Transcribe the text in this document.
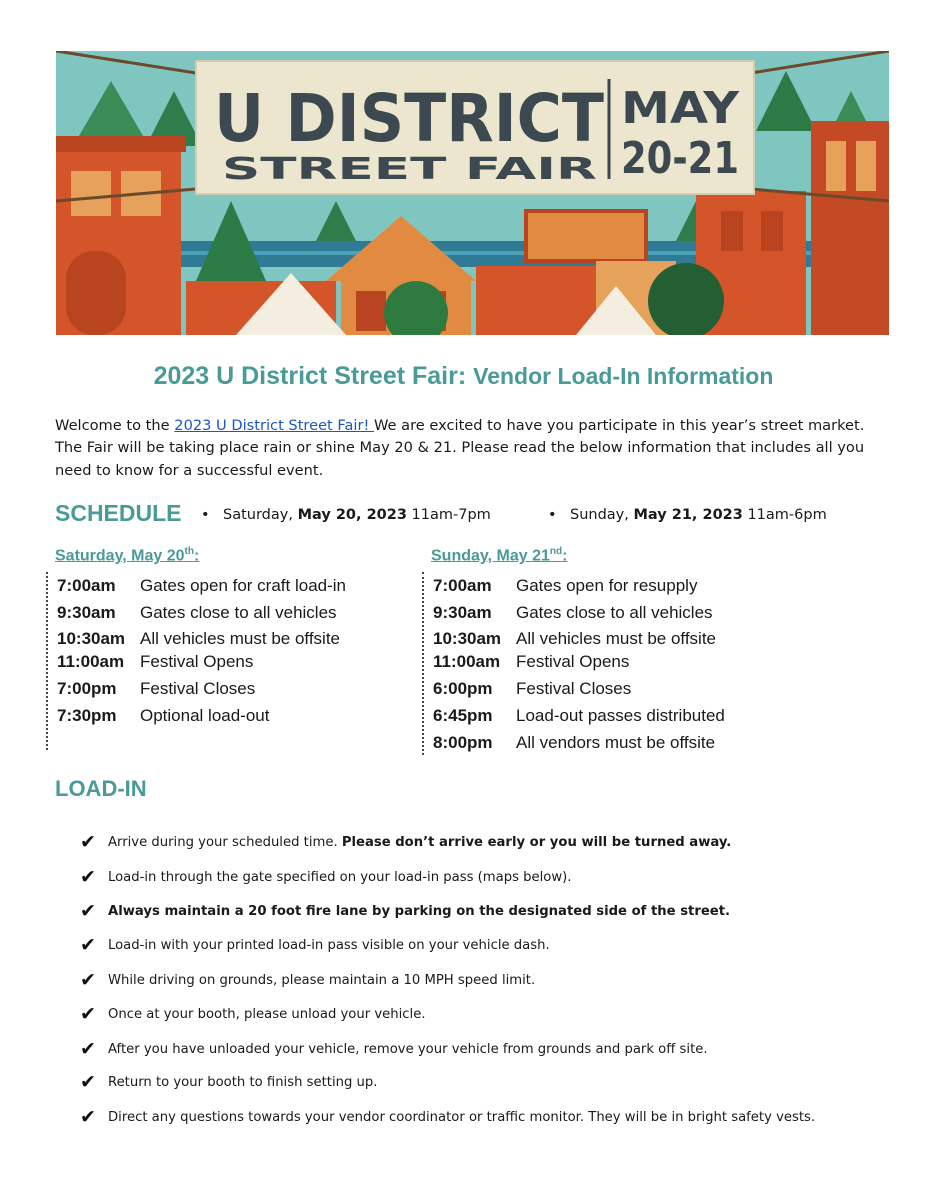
U DISTRICT
STREET FAIR
MAY
20-21
2023 U District Street Fair: Vendor Load-In Information
Welcome to the 2023 U District Street Fair! We are excited to have you participate in this year’s street market. The Fair will be taking place rain or shine May 20 & 21. Please read the below information that includes all you need to know for a successful event.
SCHEDULE • Saturday, May 20, 2023 11am-7pm	• Sunday, May 21, 2023 11am-6pm
Saturday, May 20th:
7:00am Gates open for craft load-in
9:30am Gates close to all vehicles
10:30am All vehicles must be offsite
11:00am Festival Opens
7:00pm Festival Closes
7:30pm Optional load-out
Sunday, May 21nd:
7:00am Gates open for resupply
9:30am Gates close to all vehicles
10:30am All vehicles must be offsite
11:00am Festival Opens
6:00pm Festival Closes
6:45pm Load-out passes distributed
8:00pm All vendors must be offsite
LOAD-IN
✔ Arrive during your scheduled time. Please don’t arrive early or you will be turned away.
✔ Load-in through the gate specified on your load-in pass (maps below).
✔ Always maintain a 20 foot fire lane by parking on the designated side of the street.
✔ Load-in with your printed load-in pass visible on your vehicle dash.
✔ While driving on grounds, please maintain a 10 MPH speed limit.
✔ Once at your booth, please unload your vehicle.
✔ After you have unloaded your vehicle, remove your vehicle from grounds and park off site.
✔ Return to your booth to finish setting up.
✔ Direct any questions towards your vendor coordinator or traffic monitor. They will be in bright safety vests.
